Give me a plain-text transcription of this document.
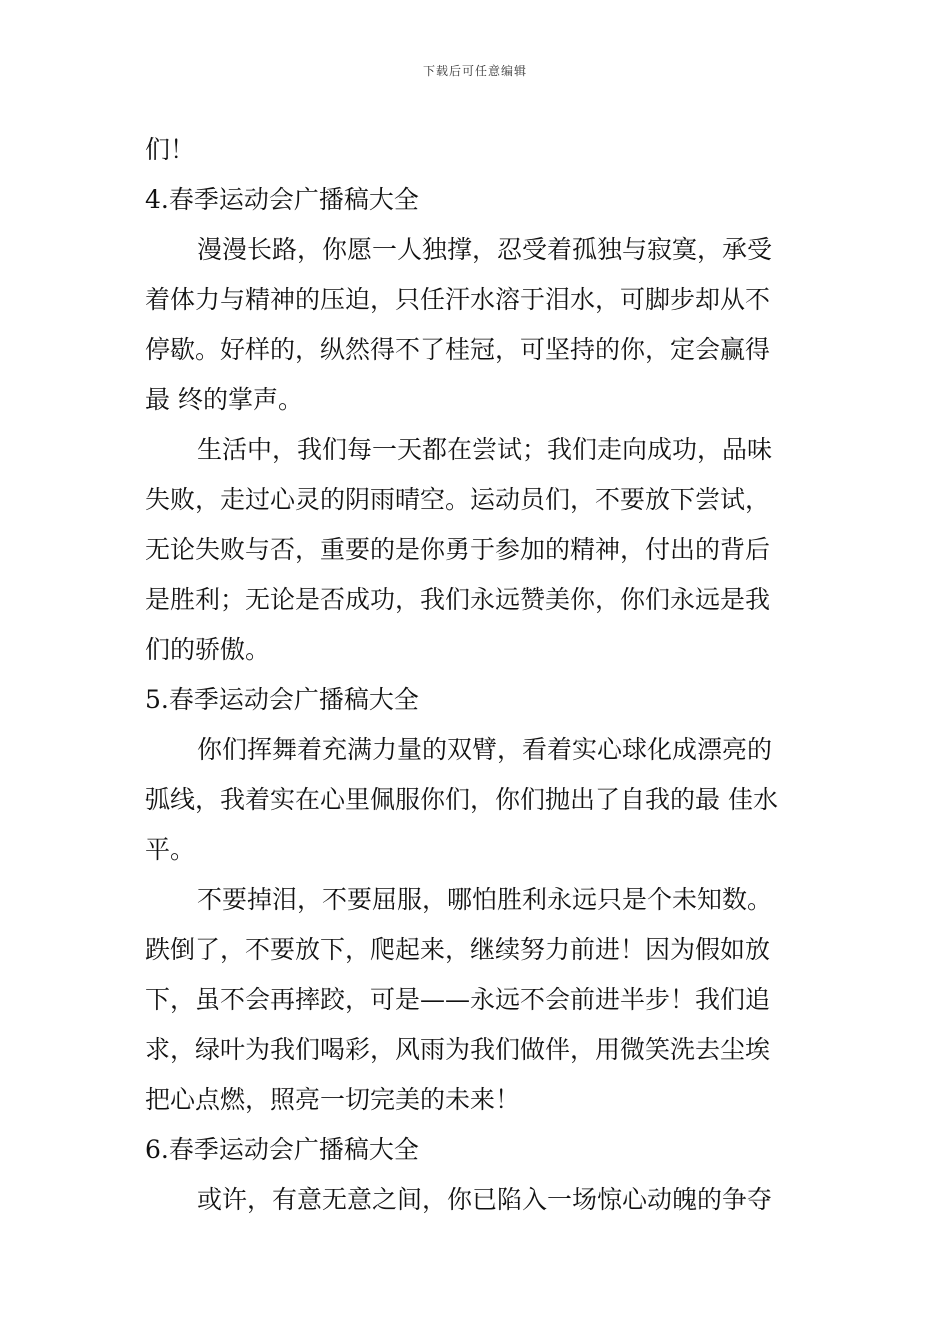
下载后可任意编辑
们！
4.春季运动会广播稿大全
漫漫长路，你愿一人独撑，忍受着孤独与寂寞，承受
着体力与精神的压迫，只任汗水溶于泪水，可脚步却从不
停歇。好样的，纵然得不了桂冠，可坚持的你，定会赢得
最 终的掌声。
生活中，我们每一天都在尝试；我们走向成功，品味
失败，走过心灵的阴雨晴空。运动员们，不要放下尝试，
无论失败与否，重要的是你勇于参加的精神，付出的背后
是胜利；无论是否成功，我们永远赞美你，你们永远是我
们的骄傲。
5.春季运动会广播稿大全
你们挥舞着充满力量的双臂，看着实心球化成漂亮的
弧线，我着实在心里佩服你们，你们抛出了自我的最 佳水
平。
不要掉泪，不要屈服，哪怕胜利永远只是个未知数。
跌倒了，不要放下，爬起来，继续努力前进！因为假如放
下，虽不会再摔跤，可是——永远不会前进半步！我们追
求，绿叶为我们喝彩，风雨为我们做伴，用微笑洗去尘埃
把心点燃，照亮一切完美的未来！
6.春季运动会广播稿大全
或许，有意无意之间，你已陷入一场惊心动魄的争夺
